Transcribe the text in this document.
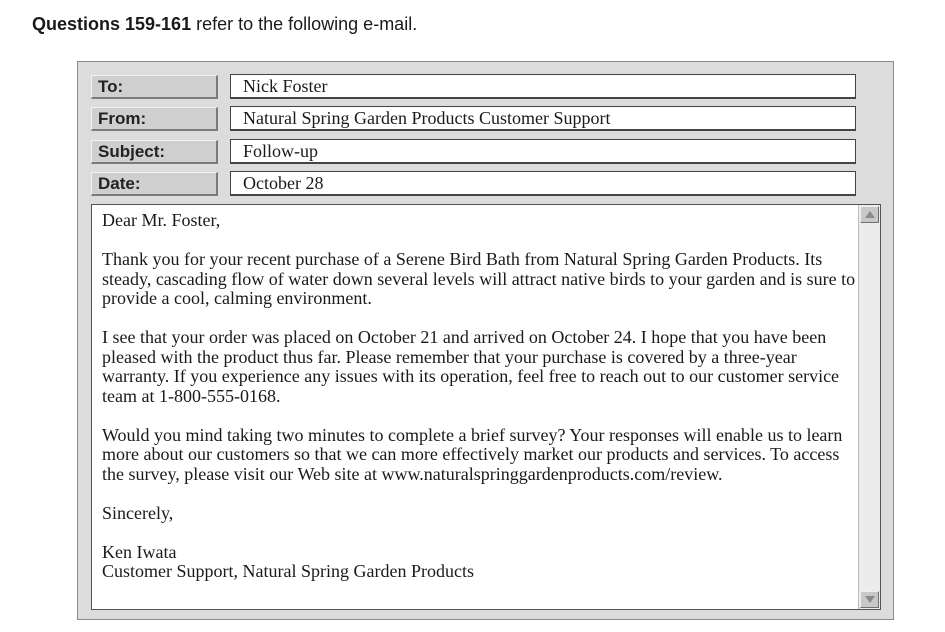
Questions 159-161 refer to the following e-mail.
To:	Nick Foster
From:	Natural Spring Garden Products Customer Support
Subject:	Follow-up
Date:	October 28

Dear Mr. Foster,

Thank you for your recent purchase of a Serene Bird Bath from Natural Spring Garden Products. Its steady, cascading flow of water down several levels will attract native birds to your garden and is sure to provide a cool, calming environment.

I see that your order was placed on October 21 and arrived on October 24. I hope that you have been pleased with the product thus far. Please remember that your purchase is covered by a three-year warranty. If you experience any issues with its operation, feel free to reach out to our customer service team at 1-800-555-0168.

Would you mind taking two minutes to complete a brief survey? Your responses will enable us to learn more about our customers so that we can more effectively market our products and services. To access the survey, please visit our Web site at www.naturalspringgardenproducts.com/review.

Sincerely,

Ken Iwata

Customer Support, Natural Spring Garden Products
